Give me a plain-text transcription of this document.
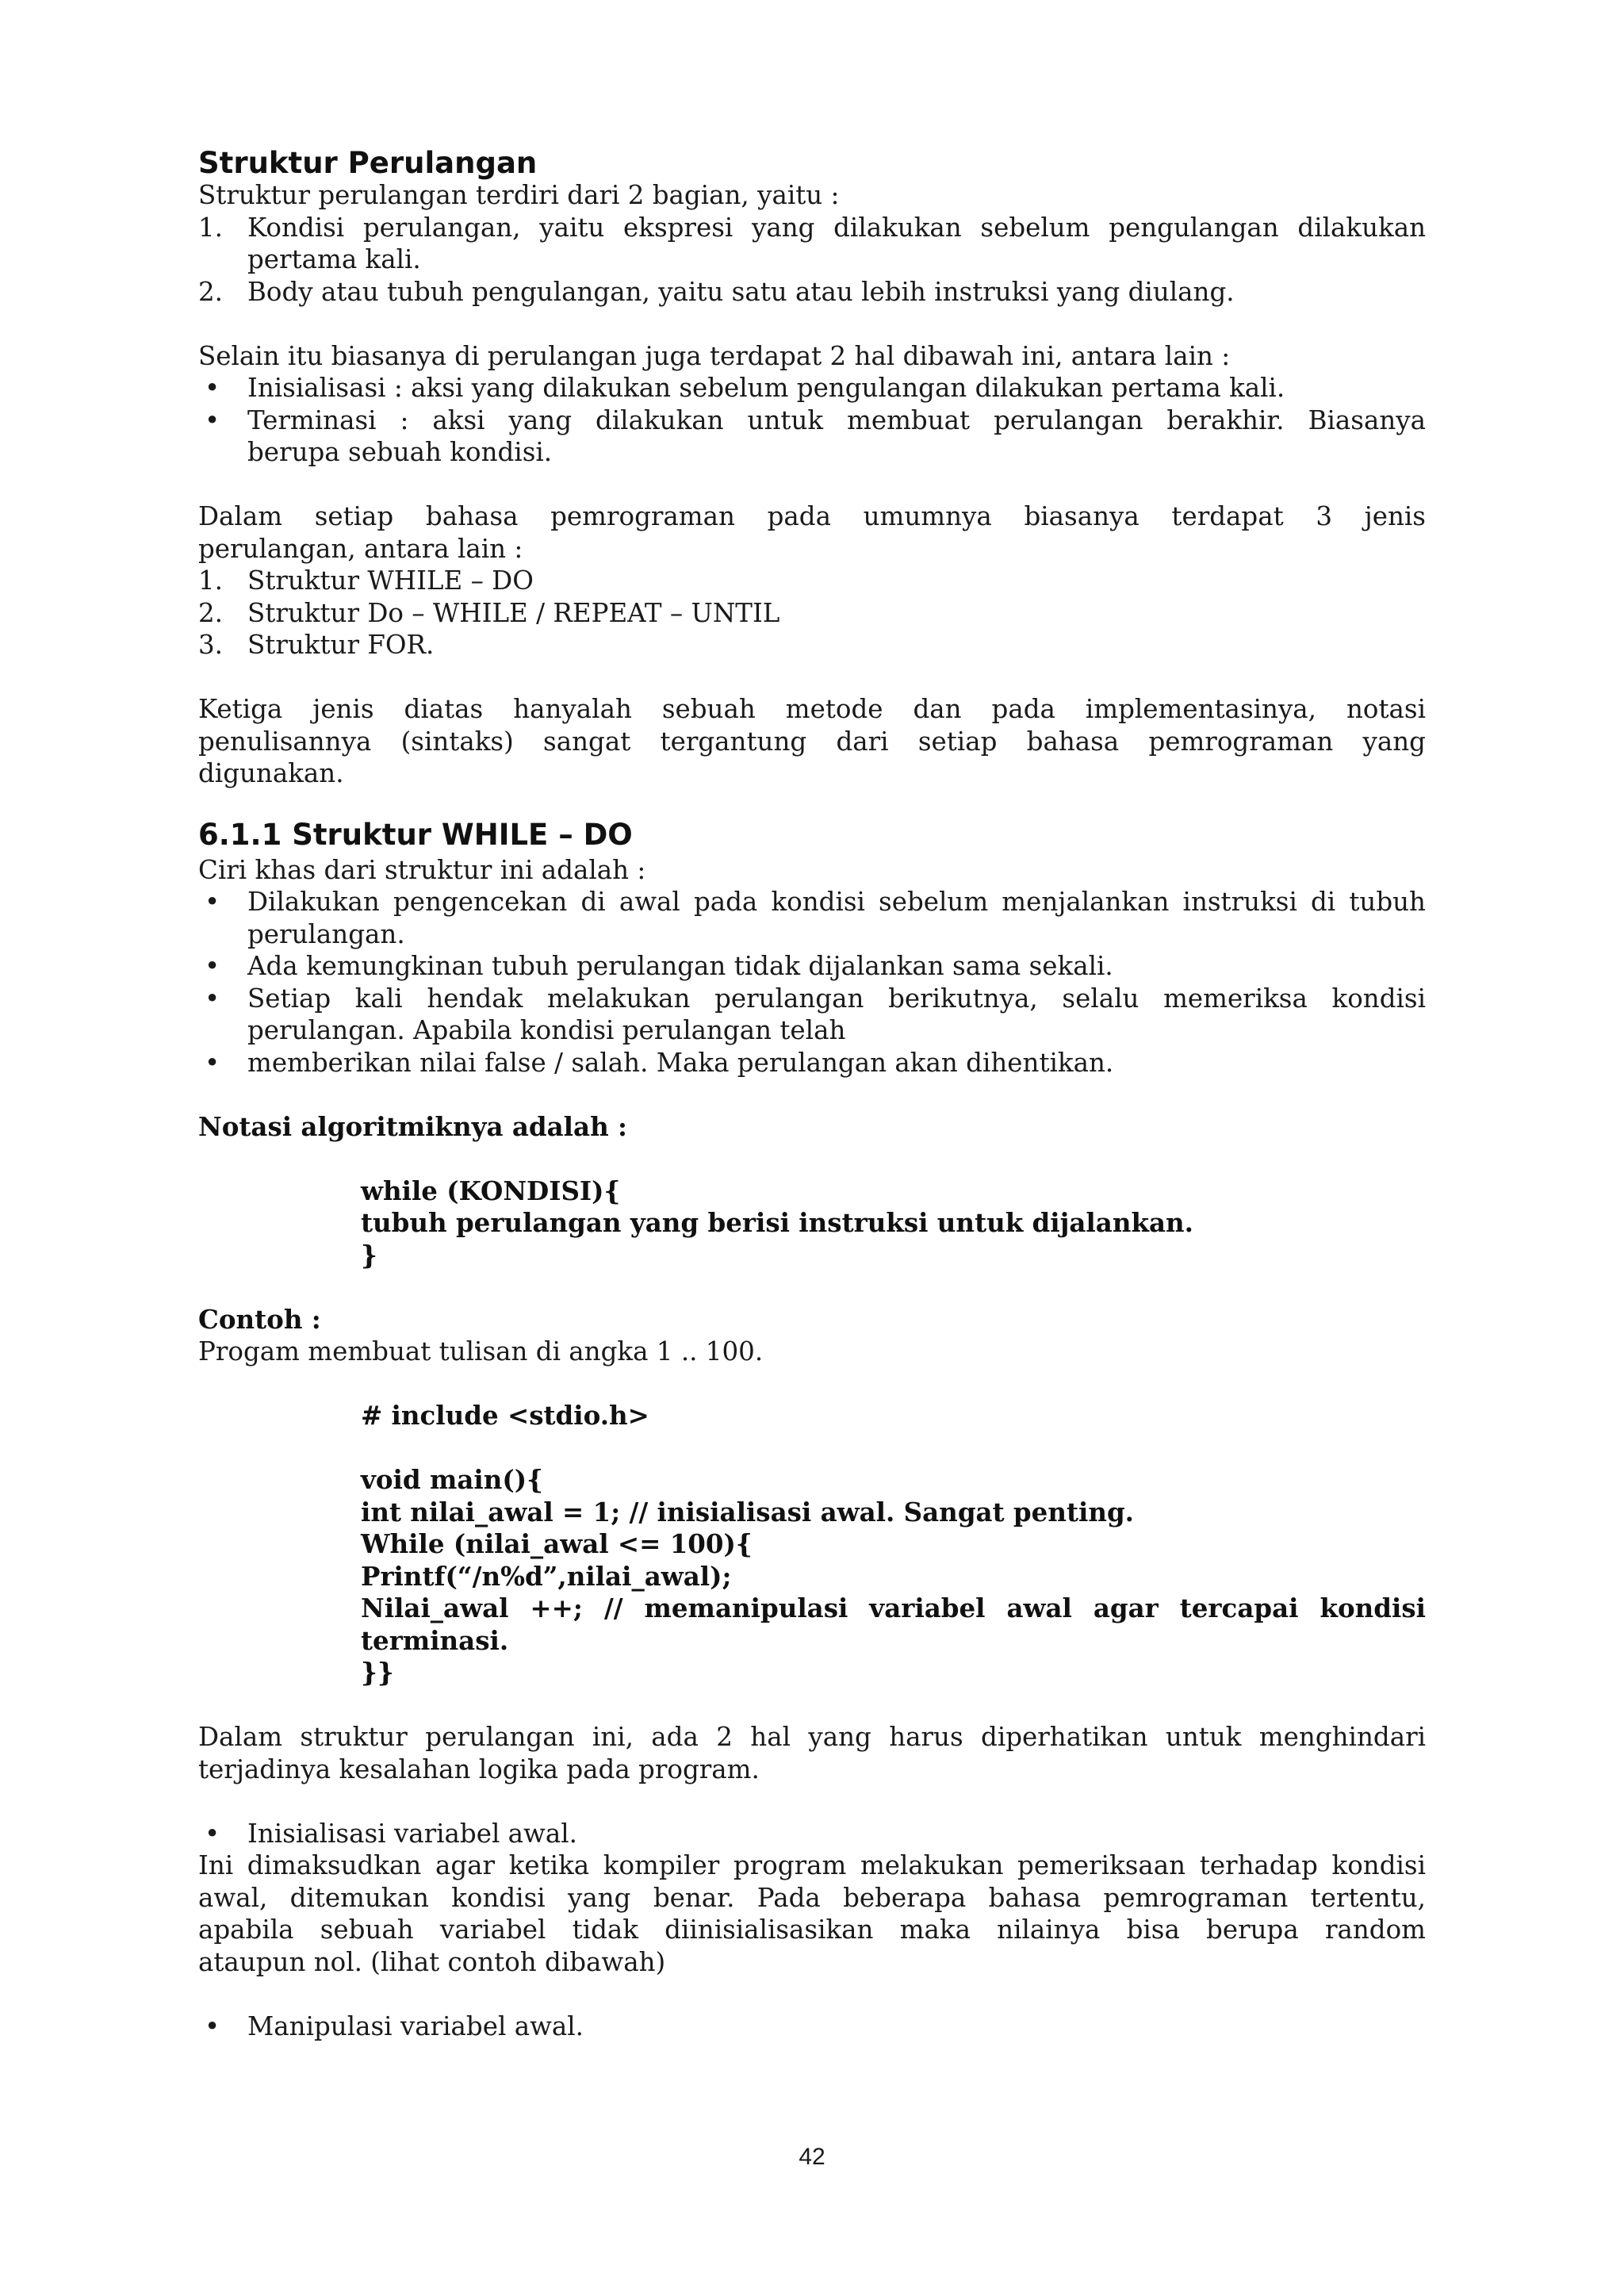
Struktur Perulangan

Struktur perulangan terdiri dari 2 bagian, yaitu :

1. Kondisi perulangan, yaitu ekspresi yang dilakukan sebelum pengulangan dilakukan
pertama kali.
2. Body atau tubuh pengulangan, yaitu satu atau lebih instruksi yang diulang.

Selain itu biasanya di perulangan juga terdapat 2 hal dibawah ini, antara lain :

• Inisialisasi : aksi yang dilakukan sebelum pengulangan dilakukan pertama kali.
• Terminasi : aksi yang dilakukan untuk membuat perulangan berakhir. Biasanya
berupa sebuah kondisi.

Dalam setiap bahasa pemrograman pada umumnya biasanya terdapat 3 jenis

perulangan, antara lain :

1. Struktur WHILE – DO
2. Struktur Do – WHILE / REPEAT – UNTIL
3. Struktur FOR.

Ketiga jenis diatas hanyalah sebuah metode dan pada implementasinya, notasi

penulisannya (sintaks) sangat tergantung dari setiap bahasa pemrograman yang

digunakan.

6.1.1 Struktur WHILE – DO

Ciri khas dari struktur ini adalah :

• Dilakukan pengencekan di awal pada kondisi sebelum menjalankan instruksi di tubuh
perulangan.
• Ada kemungkinan tubuh perulangan tidak dijalankan sama sekali.
• Setiap kali hendak melakukan perulangan berikutnya, selalu memeriksa kondisi
perulangan. Apabila kondisi perulangan telah
• memberikan nilai false / salah. Maka perulangan akan dihentikan.

Notasi algoritmiknya adalah :

while (KONDISI){
tubuh perulangan yang berisi instruksi untuk dijalankan.
}

Contoh :

Progam membuat tulisan di angka 1 .. 100.

# include <stdio.h>
void main(){
int nilai_awal = 1; // inisialisasi awal. Sangat penting.
While (nilai_awal <= 100){
Printf(“/n%d”,nilai_awal);
Nilai_awal ++; // memanipulasi variabel awal agar tercapai kondisi
terminasi.
}}

Dalam struktur perulangan ini, ada 2 hal yang harus diperhatikan untuk menghindari

terjadinya kesalahan logika pada program.

• Inisialisasi variabel awal.

Ini dimaksudkan agar ketika kompiler program melakukan pemeriksaan terhadap kondisi

awal, ditemukan kondisi yang benar. Pada beberapa bahasa pemrograman tertentu,

apabila sebuah variabel tidak diinisialisasikan maka nilainya bisa berupa random

ataupun nol. (lihat contoh dibawah)

• Manipulasi variabel awal.
42
